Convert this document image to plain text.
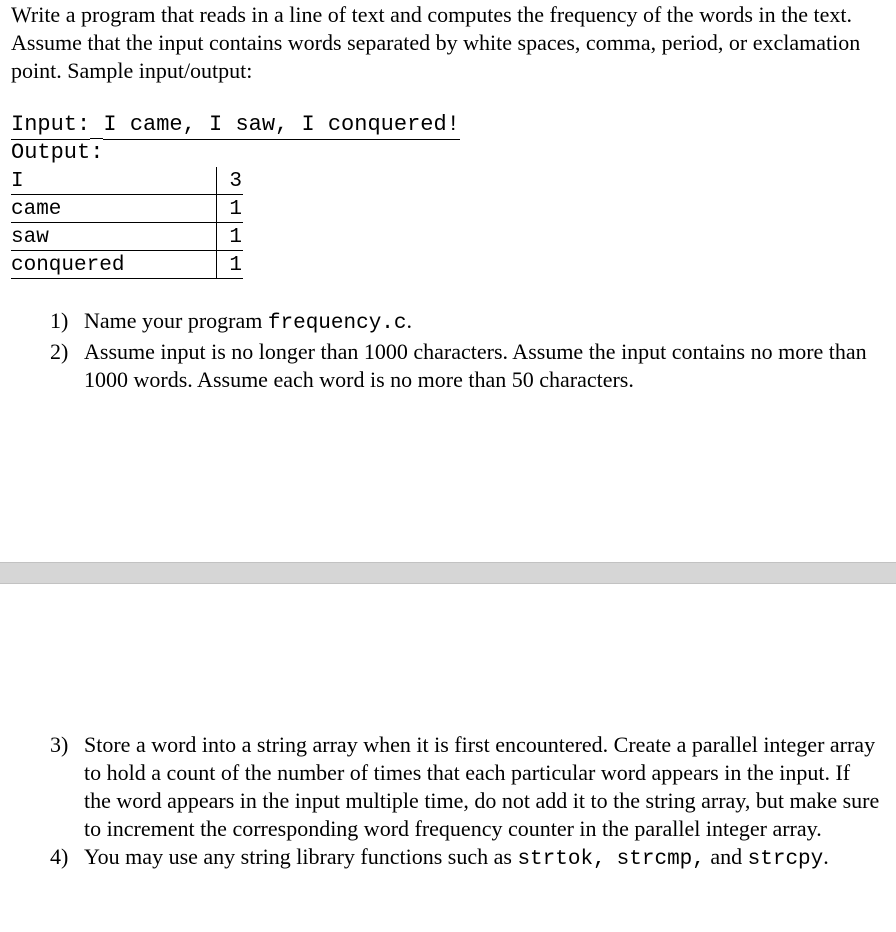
Write a program that reads in a line of text and computes the frequency of the words in the text. Assume that the input contains words separated by white spaces, comma, period, or exclamation point. Sample input/output:

Input: I came, I saw, I conquered!
Output:
I	3
came	1
saw	1
conquered	1
1) Name your program frequency.c.
2) Assume input is no longer than 1000 characters. Assume the input contains no more than 1000 words. Assume each word is no more than 50 characters.
3) Store a word into a string array when it is first encountered. Create a parallel integer array to hold a count of the number of times that each particular word appears in the input. If the word appears in the input multiple time, do not add it to the string array, but make sure to increment the corresponding word frequency counter in the parallel integer array.
4) You may use any string library functions such as strtok, strcmp, and strcpy.
